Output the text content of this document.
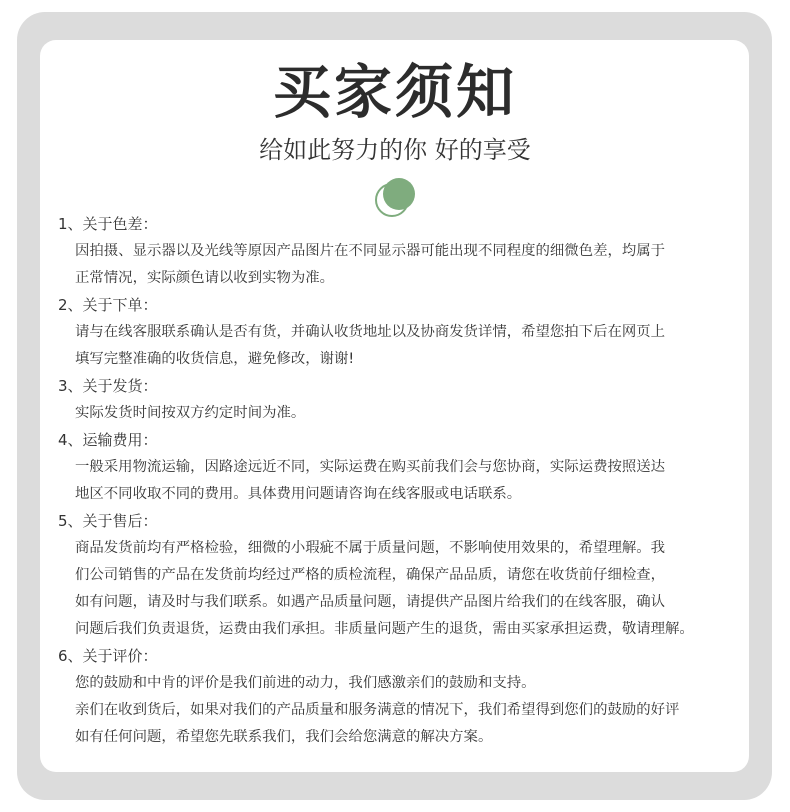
买家须知

给如此努力的你 好的享受

1、关于色差：
因拍摄、显示器以及光线等原因产品图片在不同显示器可能出现不同程度的细微色差，均属于
正常情况，实际颜色请以收到实物为准。
2、关于下单：
请与在线客服联系确认是否有货，并确认收货地址以及协商发货详情，希望您拍下后在网页上
填写完整准确的收货信息，避免修改，谢谢!
3、关于发货：
实际发货时间按双方约定时间为准。
4、运输费用：
一般采用物流运输，因路途远近不同，实际运费在购买前我们会与您协商，实际运费按照送达
地区不同收取不同的费用。具体费用问题请咨询在线客服或电话联系。
5、关于售后：
商品发货前均有严格检验，细微的小瑕疵不属于质量问题，不影响使用效果的，希望理解。我
们公司销售的产品在发货前均经过严格的质检流程，确保产品品质，请您在收货前仔细检查，
如有问题，请及时与我们联系。如遇产品质量问题，请提供产品图片给我们的在线客服，确认
问题后我们负责退货，运费由我们承担。非质量问题产生的退货，需由买家承担运费，敬请理解。
6、关于评价：
您的鼓励和中肯的评价是我们前进的动力，我们感激亲们的鼓励和支持。
亲们在收到货后，如果对我们的产品质量和服务满意的情况下，我们希望得到您们的鼓励的好评
如有任何问题，希望您先联系我们，我们会给您满意的解决方案。
